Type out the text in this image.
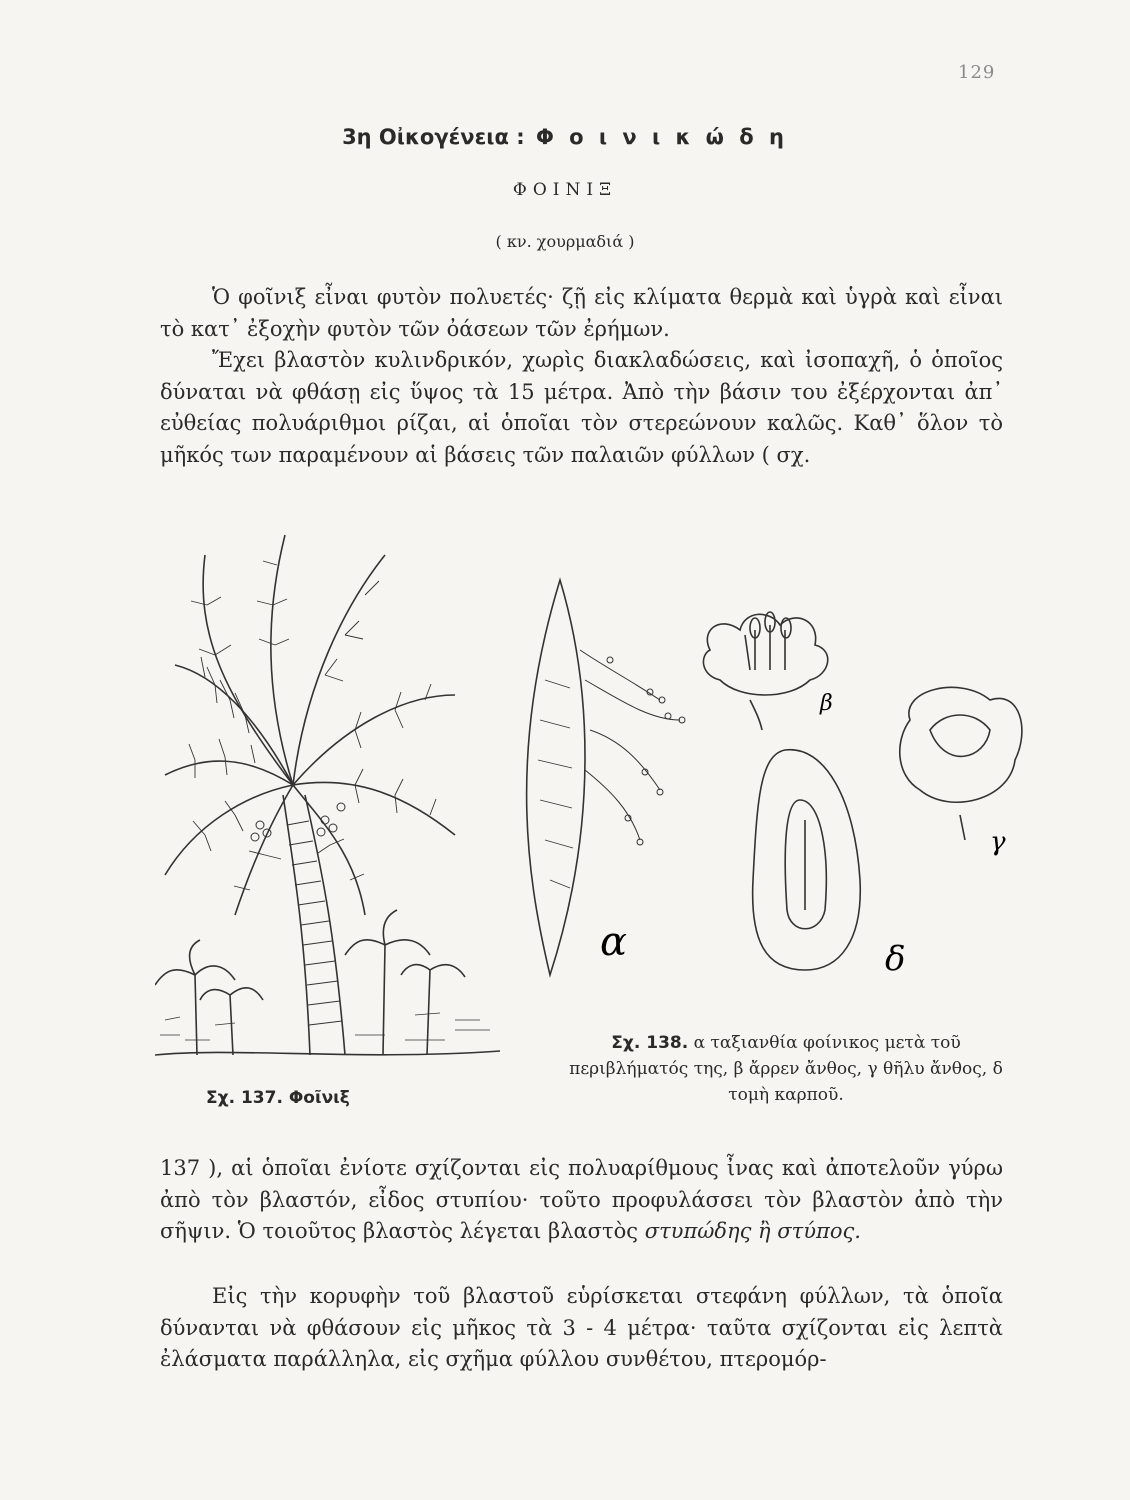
129
3η Οἰκογένεια : Φ ο ι ν ι κ ώ δ η
ΦΟΙΝΙΞ
( κν. χουρμαδιά )
Ὁ φοῖνιξ εἶναι φυτὸν πολυετές· ζῇ εἰς κλίματα θερμὰ καὶ ὑγρὰ καὶ εἶναι τὸ κατ᾽ ἐξοχὴν φυτὸν τῶν ὀάσεων τῶν ἐρήμων.
Ἔχει βλαστὸν κυλινδρικόν, χωρὶς διακλαδώσεις, καὶ ἰσοπαχῆ, ὁ ὁποῖος δύναται νὰ φθάσῃ εἰς ὕψος τὰ 15 μέτρα. Ἀπὸ τὴν βάσιν του ἐξέρχονται ἀπ᾽ εὐθείας πολυάριθμοι ρίζαι, αἱ ὁποῖαι τὸν στερεώνουν καλῶς. Καθ᾽ ὅλον τὸ μῆκός των παραμένουν αἱ βάσεις τῶν παλαιῶν φύλλων ( σχ.
α
β
γ
δ
Σχ. 137. Φοῖνιξ
Σχ. 138. α ταξιανθία φοίνικος μετὰ τοῦ περιβλήματός της, β ἄρρεν ἄνθος, γ θῆλυ ἄνθος, δ τομὴ καρποῦ.
137 ), αἱ ὁποῖαι ἐνίοτε σχίζονται εἰς πολυαρίθμους ἶνας καὶ ἀποτελοῦν γύρω ἀπὸ τὸν βλαστόν, εἶδος στυπίου· τοῦτο προφυλάσσει τὸν βλαστὸν ἀπὸ τὴν σῆψιν. Ὁ τοιοῦτος βλαστὸς λέγεται βλαστὸς στυπώδης ἢ στύπος.
Εἰς τὴν κορυφὴν τοῦ βλαστοῦ εὑρίσκεται στεφάνη φύλλων, τὰ ὁποῖα δύνανται νὰ φθάσουν εἰς μῆκος τὰ 3 - 4 μέτρα· ταῦτα σχίζονται εἰς λεπτὰ ἐλάσματα παράλληλα, εἰς σχῆμα φύλλου συνθέτου, πτερομόρ-
